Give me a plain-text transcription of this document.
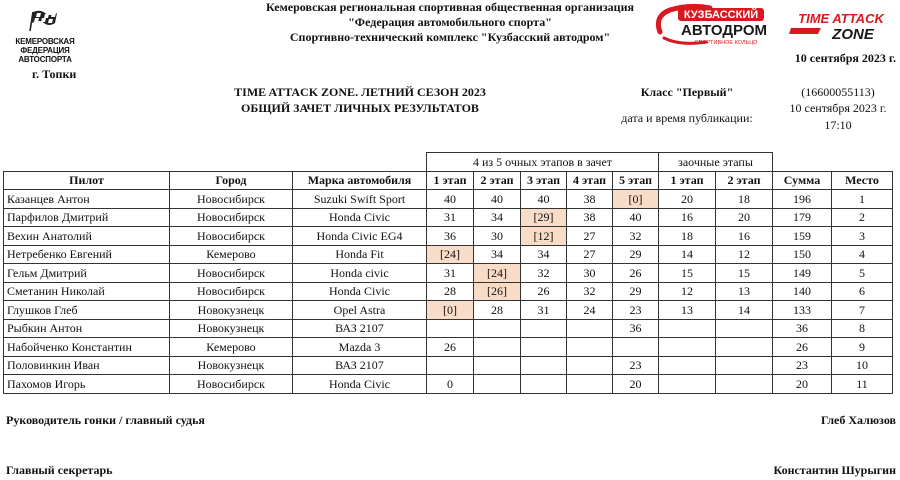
Кемеровская региональная спортивная общественная организация
"Федерация автомобильного спорта"
Спортивно-технический комплекс "Кузбасский автодром"
КЕМЕРОВСКАЯ
ФЕДЕРАЦИЯ АВТОСПОРТА
КУЗБАССКИЙ
АВТОДРОМ
СПОРТИВНОЕ КОЛЬЦО
TIME ATTACK
ZONE
10 сентября 2023 г.
г. Топки
TIME ATTACK ZONE. ЛЕТНИЙ СЕЗОН 2023
ОБЩИЙ ЗАЧЕТ ЛИЧНЫХ РЕЗУЛЬТАТОВ
Класс "Первый"	(16600055113)
дата и время публикации:
10 сентября 2023 г.
17:10
			4 из 5 очных этапов в зачет					заочные этапы			
Пилот	Город	Марка автомобиля	1 этап	2 этап	3 этап	4 этап	5 этап	1 этап	2 этап	Сумма	Место
Казанцев Антон	Новосибирск	Suzuki Swift Sport	40	40	40	38	[0]	20	18	196	1
Парфилов Дмитрий	Новосибирск	Honda Civic	31	34	[29]	38	40	16	20	179	2
Вехин Анатолий	Новосибирск	Honda Civic EG4	36	30	[12]	27	32	18	16	159	3
Нетребенко Евгений	Кемерово	Honda Fit	[24]	34	34	27	29	14	12	150	4
Гельм Дмитрий	Новосибирск	Honda civic	31	[24]	32	30	26	15	15	149	5
Сметанин Николай	Новосибирск	Honda Civic	28	[26]	26	32	29	12	13	140	6
Глушков Глеб	Новокузнецк	Opel Astra	[0]	28	31	24	23	13	14	133	7
Рыбкин Антон	Новокузнецк	ВАЗ 2107					36			36	8
Набойченко Константин	Кемерово	Mazda 3	26							26	9
Половинкин Иван	Новокузнецк	ВАЗ 2107					23			23	10
Пахомов Игорь	Новосибирск	Honda Civic	0				20			20	11
Руководитель гонки / главный судья	Глеб Халюзов
Главный секретарь	Константин Шурыгин
